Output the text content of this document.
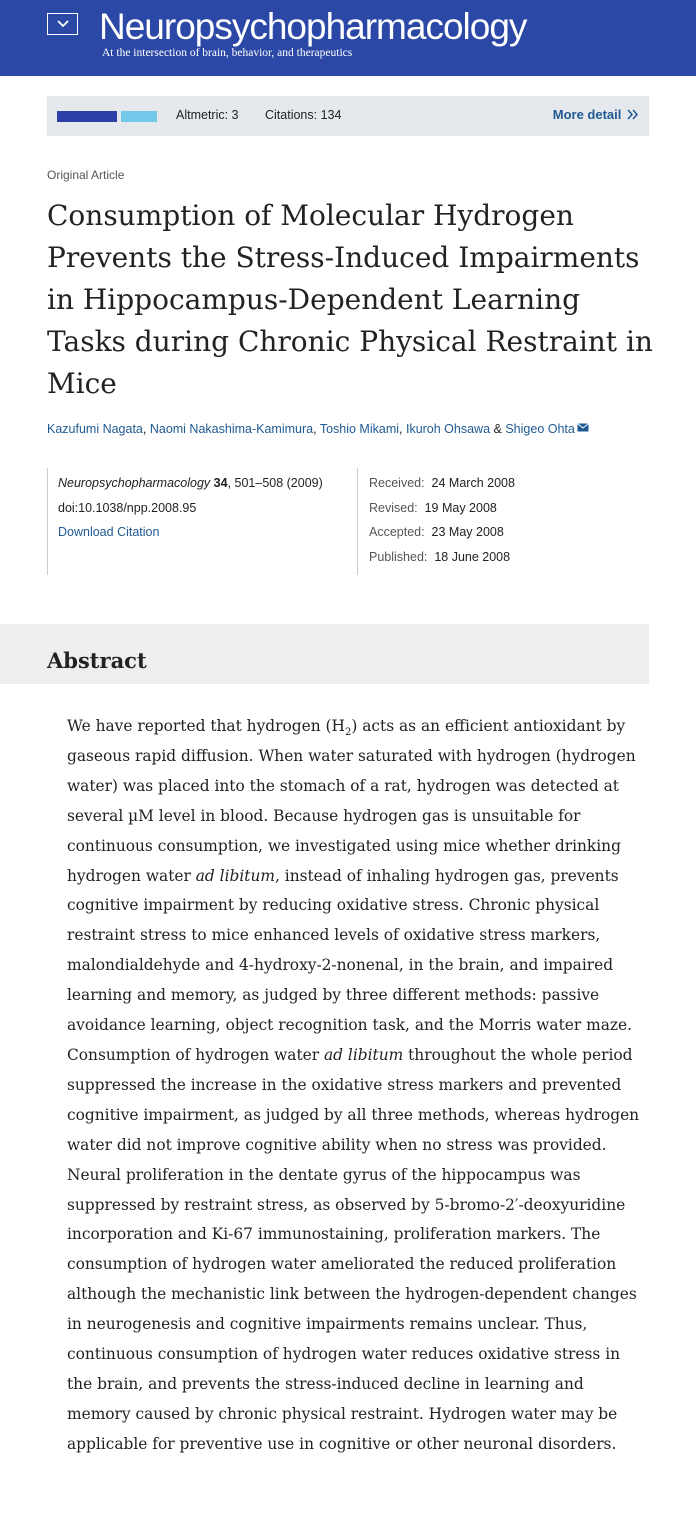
Neuropsychopharmacology
At the intersection of brain, behavior, and therapeutics
Altmetric: 3 Citations: 134	More detail
Original Article
Consumption of Molecular Hydrogen Prevents the Stress-Induced Impairments in Hippocampus-Dependent Learning Tasks during Chronic Physical Restraint in Mice
Kazufumi Nagata, Naomi Nakashima-Kamimura, Toshio Mikami, Ikuroh Ohsawa & Shigeo Ohta
Neuropsychopharmacology 34, 501–508 (2009)
doi:10.1038/npp.2008.95
Download Citation
Received: 24 March 2008
Revised: 19 May 2008
Accepted: 23 May 2008
Published: 18 June 2008
Abstract

We have reported that hydrogen $(H_2)$ acts as an efficient antioxidant by gaseous rapid diffusion. When water saturated with hydrogen (hydrogen water) was placed into the stomach of a rat, hydrogen was detected at several µM level in blood. Because hydrogen gas is unsuitable for continuous consumption, we investigated using mice whether drinking hydrogen water ad libitum, instead of inhaling hydrogen gas, prevents cognitive impairment by reducing oxidative stress. Chronic physical restraint stress to mice enhanced levels of oxidative stress markers, malondialdehyde and 4-hydroxy-2-nonenal, in the brain, and impaired learning and memory, as judged by three different methods: passive avoidance learning, object recognition task, and the Morris water maze. Consumption of hydrogen water ad libitum throughout the whole period suppressed the increase in the oxidative stress markers and prevented cognitive impairment, as judged by all three methods, whereas hydrogen water did not improve cognitive ability when no stress was provided. Neural proliferation in the dentate gyrus of the hippocampus was suppressed by restraint stress, as observed by 5-bromo-2′-deoxyuridine incorporation and Ki-67 immunostaining, proliferation markers. The consumption of hydrogen water ameliorated the reduced proliferation although the mechanistic link between the hydrogen-dependent changes in neurogenesis and cognitive impairments remains unclear. Thus, continuous consumption of hydrogen water reduces oxidative stress in the brain, and prevents the stress-induced decline in learning and memory caused by chronic physical restraint. Hydrogen water may be applicable for preventive use in cognitive or other neuronal disorders.
